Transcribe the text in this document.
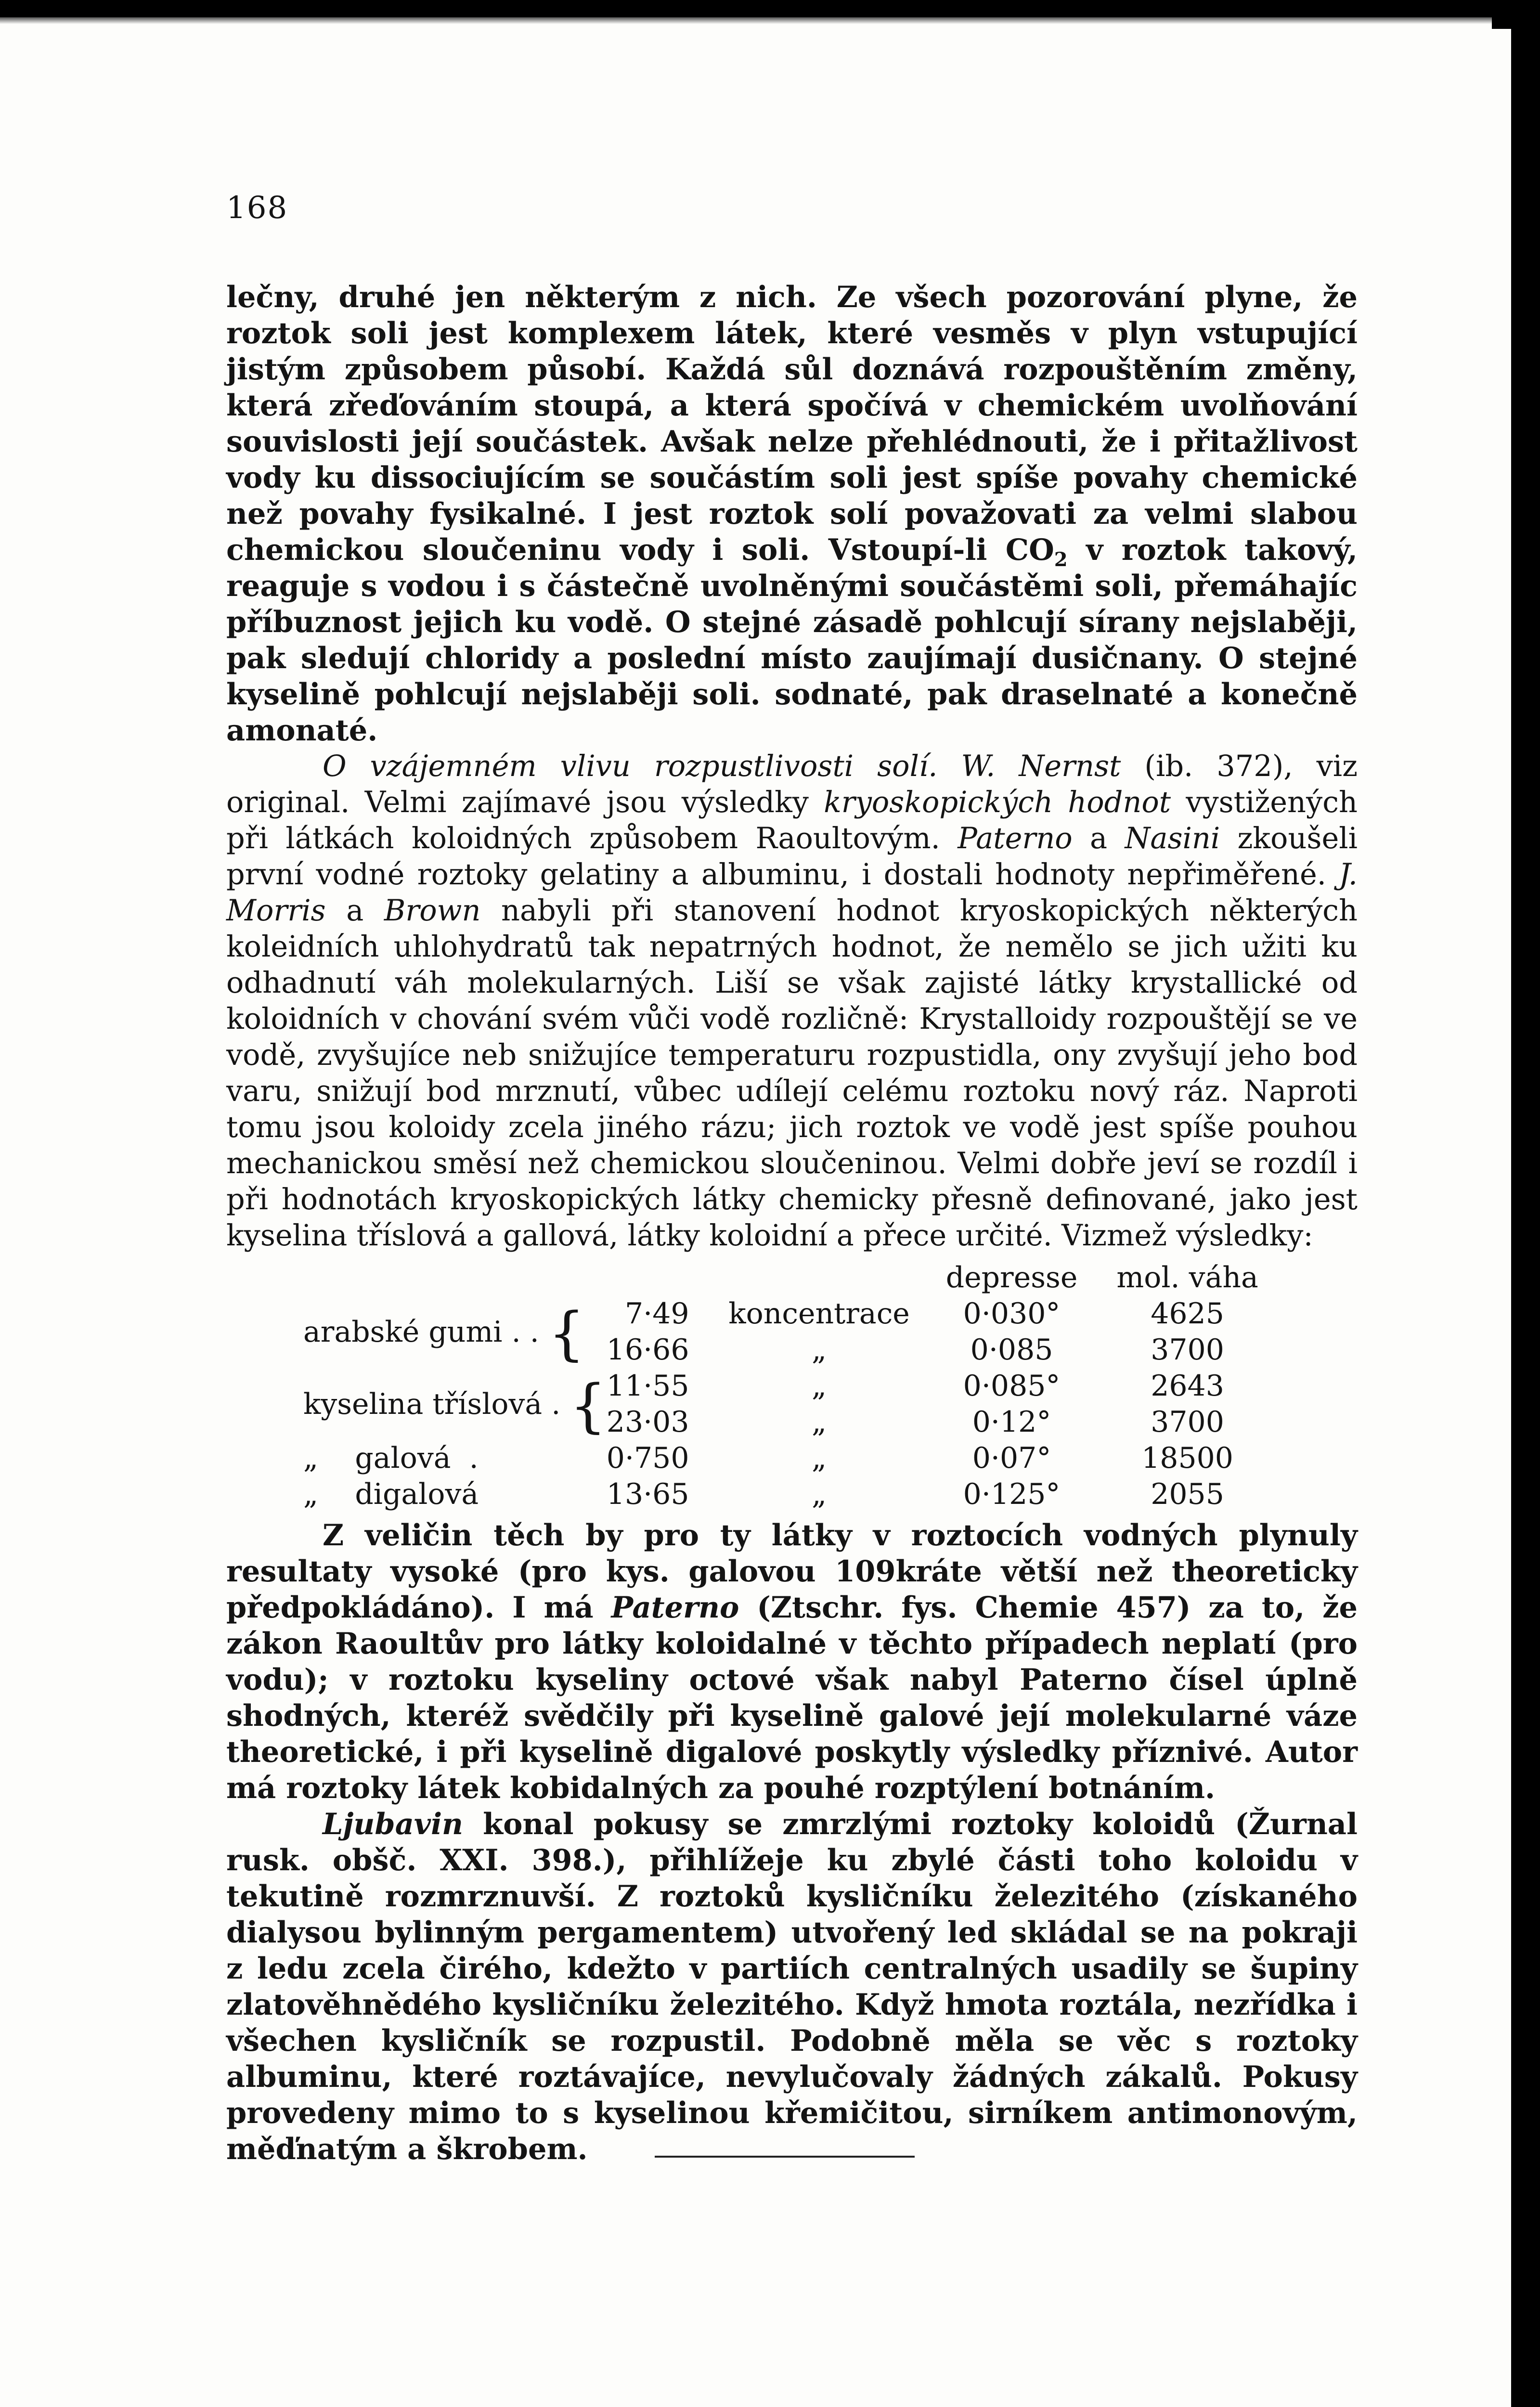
168

lečny, druhé jen některým z nich. Ze všech pozorování plyne, že roztok soli jest komplexem látek, které vesměs v plyn vstupující jistým způsobem působí. Každá sůl doznává rozpouštěním změny, která zřeďováním stoupá, a která spočívá v chemickém uvolňování souvislosti její součástek. Avšak nelze přehlédnouti, že i přitažlivost vody ku dissociujícím se součástím soli jest spíše povahy chemické než povahy fysikalné. I jest roztok solí považovati za velmi slabou chemickou sloučeninu vody i soli. Vstoupí-li $CO_2$ v roztok takový, reaguje s vodou i s částečně uvolněnými součástěmi soli, přemáhajíc příbuznost jejich ku vodě. O stejné zásadě pohlcují sírany nejslaběji, pak sledují chloridy a poslední místo zaujímají dusičnany. O stejné kyselině pohlcují nejslaběji soli. sodnaté, pak draselnaté a konečně amonaté.

O vzájemném vlivu rozpustlivosti solí. W. Nernst (ib. 372), viz original. Velmi zajímavé jsou výsledky kryoskopických hodnot vystižených při látkách koloidných způsobem Raoultovým. Paterno a Nasini zkoušeli první vodné roztoky gelatiny a albuminu, i dostali hodnoty nepřiměřené. J. Morris a Brown nabyli při stanovení hodnot kryoskopických některých koleidních uhlohydratů tak nepatrných hodnot, že nemělo se jich užiti ku odhadnutí váh molekularných. Liší se však zajisté látky krystallické od koloidních v chování svém vůči vodě rozličně: Krystalloidy rozpouštějí se ve vodě, zvyšujíce neb snižujíce temperaturu rozpustidla, ony zvyšují jeho bod varu, snižují bod mrznutí, vůbec udílejí celému roztoku nový ráz. Naproti tomu jsou koloidy zcela jiného rázu; jich roztok ve vodě jest spíše pouhou mechanickou směsí než chemickou sloučeninou. Velmi dobře jeví se rozdíl i při hodnotách kryoskopických látky chemicky přesně definované, jako jest kyselina tříslová a gallová, látky koloidní a přece určité. Vizmež výsledky:

			depresse	mol. váha
arabské gumi . . {	7·49	koncentrace	0·030°	4625
	16·66	„	0·085	3700
kyselina tříslová . {	11·55	„	0·085°	2643
	23·03	„	0·12°	3700
„    galová  .	0·750	„	0·07°	18500
„    digalová	13·65	„	0·125°	2055

Z veličin těch by pro ty látky v roztocích vodných plynuly resultaty vysoké (pro kys. galovou 109kráte větší než theoreticky předpokládáno). I má Paterno (Ztschr. fys. Chemie 457) za to, že zákon Raoultův pro látky koloidalné v těchto případech neplatí (pro vodu); v roztoku kyseliny octové však nabyl Paterno čísel úplně shodných, kteréž svědčily při kyselině galové její molekularné váze theoretické, i při kyselině digalové poskytly výsledky příznivé. Autor má roztoky látek kobidalných za pouhé rozptýlení botnáním.

Ljubavin konal pokusy se zmrzlými roztoky koloidů (Žurnal rusk. obšč. XXI. 398.), přihlížeje ku zbylé části toho koloidu v tekutině rozmrznuvší. Z roztoků kysličníku železitého (získaného dialysou bylinným pergamentem) utvořený led skládal se na pokraji z ledu zcela čirého, kdežto v partiích centralných usadily se šupiny zlatověhnědého kysličníku železitého. Když hmota roztála, nezřídka i všechen kysličník se rozpustil. Podobně měla se věc s roztoky albuminu, které roztávajíce, nevylučovaly žádných zákalů. Pokusy provedeny mimo to s kyselinou křemičitou, sirníkem antimonovým, měďnatým a škrobem.
